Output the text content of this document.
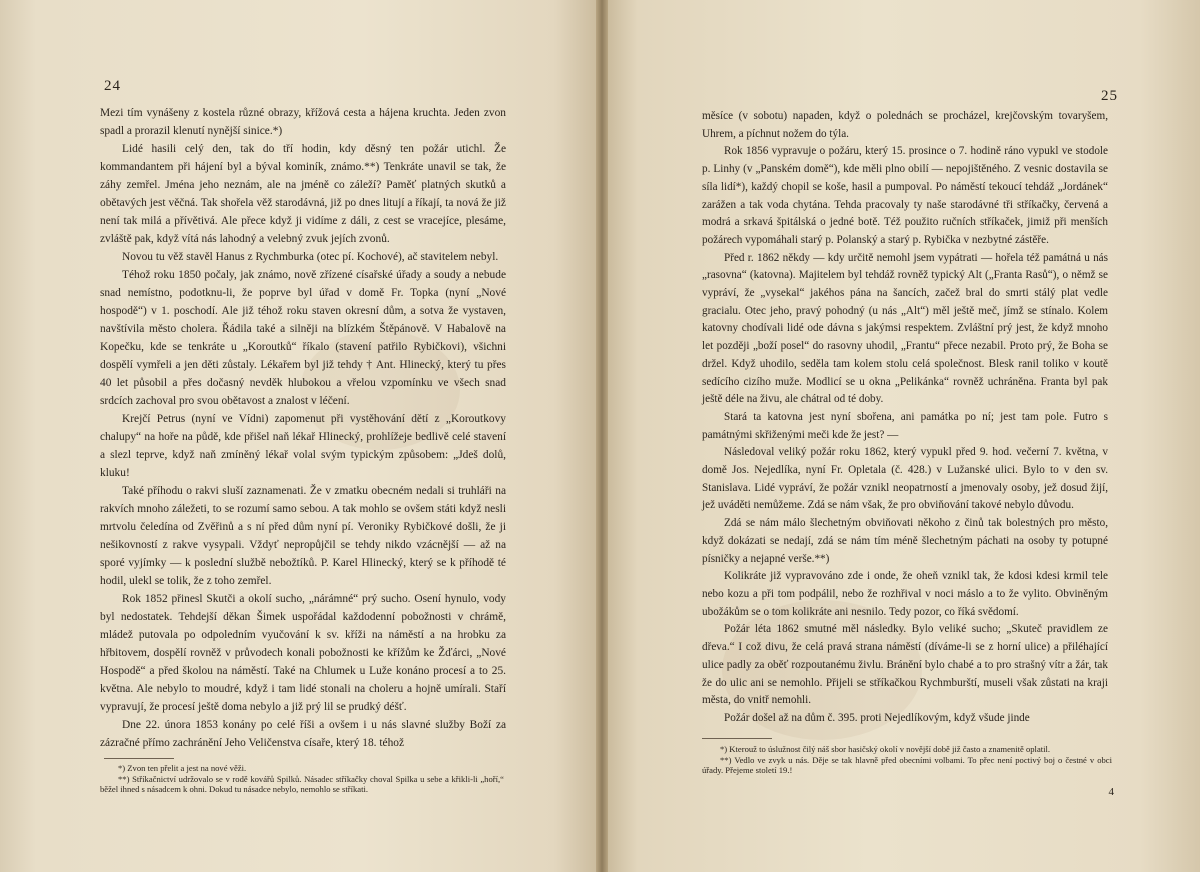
24

Mezi tím vynášeny z kostela různé obrazy, křížová cesta a hájena kruchta. Jeden zvon spadl a prorazil klenutí nynější sinice.*)

Lidé hasili celý den, tak do tří hodin, kdy děsný ten požár utichl. Že kommandantem při hájení byl a býval kominík, známo.**) Tenkráte unavil se tak, že záhy zemřel. Jména jeho neznám, ale na jméně co záleží? Paměť platných skutků a obětavých jest věčná. Tak shořela věž starodávná, již po dnes litují a říkají, ta nová že již není tak milá a přívětivá. Ale přece když ji vidíme z dáli, z cest se vracejíce, plesáme, zvláště pak, když vítá nás lahodný a velebný zvuk jejích zvonů.

Novou tu věž stavěl Hanus z Rychmburka (otec pí. Kochové), ač stavitelem nebyl.

Téhož roku 1850 počaly, jak známo, nově zřízené císařské úřady a soudy a nebude snad nemístno, podotknu-li, že poprve byl úřad v domě Fr. Topka (nyní „Nové hospodě“) v 1. poschodí. Ale již téhož roku staven okresní dům, a sotva že vystaven, navštívila město cholera. Řádila také a silněji na blízkém Štěpánově. V Habalově na Kopečku, kde se tenkráte u „Koroutků“ říkalo (stavení patřilo Rybičkovi), všichni dospělí vymřeli a jen děti zůstaly. Lékařem byl již tehdy † Ant. Hlinecký, který tu přes 40 let působil a přes dočasný nevděk hlubokou a vřelou vzpomínku ve všech snad srdcích zachoval pro svou obětavost a znalost v léčení.

Krejčí Petrus (nyní ve Vídni) zapomenut při vystěhování dětí z „Koroutkovy chalupy“ na hoře na půdě, kde přišel naň lékař Hlinecký, prohlížeje bedlivě celé stavení a slezl teprve, když naň zmíněný lékař volal svým typickým způsobem: „Jdeš dolů, kluku!

Také příhodu o rakvi sluší zaznamenati. Že v zmatku obecném nedali si truhláři na rakvích mnoho záležeti, to se rozumí samo sebou. A tak mohlo se ovšem státi když nesli mrtvolu čeledína od Zvěřinů a s ní před dům nyní pí. Veroniky Rybičkové došli, že ji nešikovností z rakve vysypali. Vždyť nepropůjčil se tehdy nikdo vzácnější — až na sporé vyjímky — k poslední službě nebožtíků. P. Karel Hlinecký, který se k příhodě té hodil, ulekl se tolik, že z toho zemřel.

Rok 1852 přinesl Skutči a okolí sucho, „nárámné“ prý sucho. Osení hynulo, vody byl nedostatek. Tehdejší děkan Šimek uspořádal každodenní pobožnosti v chrámě, mládež putovala po odpoledním vyučování k sv. kříži na náměstí a na hrobku za hřbitovem, dospělí rovněž v průvodech konali pobožnosti ke křížům ke Žďárci, „Nové Hospodě“ a před školou na náměstí. Také na Chlumek u Luže konáno procesí a to 25. května. Ale nebylo to moudré, když i tam lidé stonali na choleru a hojně umírali. Staří vypravují, že procesí ještě doma nebylo a již prý lil se prudký déšť.

Dne 22. února 1853 konány po celé říši a ovšem i u nás slavné služby Boží za zázračné přímo zachránění Jeho Veličenstva císaře, který 18. téhož

*) Zvon ten přelit a jest na nové věži.

**) Stříkačnictví udržovalo se v rodě kovářů Spilků. Násadec stříkačky choval Spilka u sebe a křikli-li „hoří,“ běžel ihned s násadcem k ohni. Dokud tu násadce nebylo, nemohlo se stříkati.

25

měsíce (v sobotu) napaden, když o polednách se procházel, krejčovským tovaryšem, Uhrem, a píchnut nožem do týla.

Rok 1856 vypravuje o požáru, který 15. prosince o 7. hodině ráno vypukl ve stodole p. Linhy (v „Panském domě“), kde měli plno obilí — nepojištěného. Z vesnic dostavila se síla lidí*), každý chopil se koše, hasil a pumpoval. Po náměstí tekoucí tehdáž „Jordánek“ zarážen a tak voda chytána. Tehda pracovaly ty naše starodávné tři stříkačky, červená a modrá a srkavá špitálská o jedné botě. Též použito ručních stříkaček, jimiž při menších požárech vypomáhali starý p. Polanský a starý p. Rybička v nezbytné zástěře.

Před r. 1862 někdy — kdy určitě nemohl jsem vypátrati — hořela též památná u nás „rasovna“ (katovna). Majitelem byl tehdáž rovněž typický Alt („Franta Rasů“), o němž se vypráví, že „vysekal“ jakéhos pána na šancích, začež bral do smrti stálý plat vedle gracialu. Otec jeho, pravý pohodný (u nás „Alt“) měl ještě meč, jímž se stínalo. Kolem katovny chodívali lidé ode dávna s jakýmsi respektem. Zvláštní prý jest, že když mnoho let později „boží posel“ do rasovny uhodil, „Frantu“ přece nezabil. Proto prý, že Boha se držel. Když uhodilo, seděla tam kolem stolu celá společnost. Blesk ranil toliko v koutě sedícího cizího muže. Modlicí se u okna „Pelikánka“ rovněž uchráněna. Franta byl pak ještě déle na živu, ale chátral od té doby.

Stará ta katovna jest nyní sbořena, ani památka po ní; jest tam pole. Futro s památnými skřiženými meči kde že jest? —

Následoval veliký požár roku 1862, který vypukl před 9. hod. večerní 7. května, v domě Jos. Nejedlíka, nyní Fr. Opletala (č. 428.) v Lužanské ulici. Bylo to v den sv. Stanislava. Lidé vypráví, že požár vznikl neopatrností a jmenovaly osoby, jež dosud žijí, jež uváděti nemůžeme. Zdá se nám však, že pro obviňování takové nebylo důvodu.

Zdá se nám málo šlechetným obviňovati někoho z činů tak bolestných pro město, když dokázati se nedají, zdá se nám tím méně šlechetným páchati na osoby ty potupné písničky a nejapné verše.**)

Kolikráte již vypravováno zde i onde, že oheň vznikl tak, že kdosi kdesi krmil tele nebo kozu a při tom podpálil, nebo že rozhřival v noci máslo a to že vylito. Obviněným ubožákům se o tom kolikráte ani nesnilo. Tedy pozor, co říká svědomí.

Požár léta 1862 smutné měl následky. Bylo veliké sucho; „Skuteč pravidlem ze dřeva.“ I což divu, že celá pravá strana náměstí (díváme-li se z horní ulice) a přiléhající ulice padly za oběť rozpoutanému živlu. Bránění bylo chabé a to pro strašný vítr a žár, tak že do ulic ani se nemohlo. Přijeli se stříkačkou Rychmburští, museli však zůstati na kraji města, do vnitř nemohli.

Požár došel až na dům č. 395. proti Nejedlíkovým, když všude jinde

*) Kterouž to úslužnost čilý náš sbor hasičský okolí v novější době již často a znamenitě oplatil.

**) Vedlo ve zvyk u nás. Děje se tak hlavně před obecními volbami. To přec není poctivý boj o čestné v obci úřady. Přejeme století 19.!

4
